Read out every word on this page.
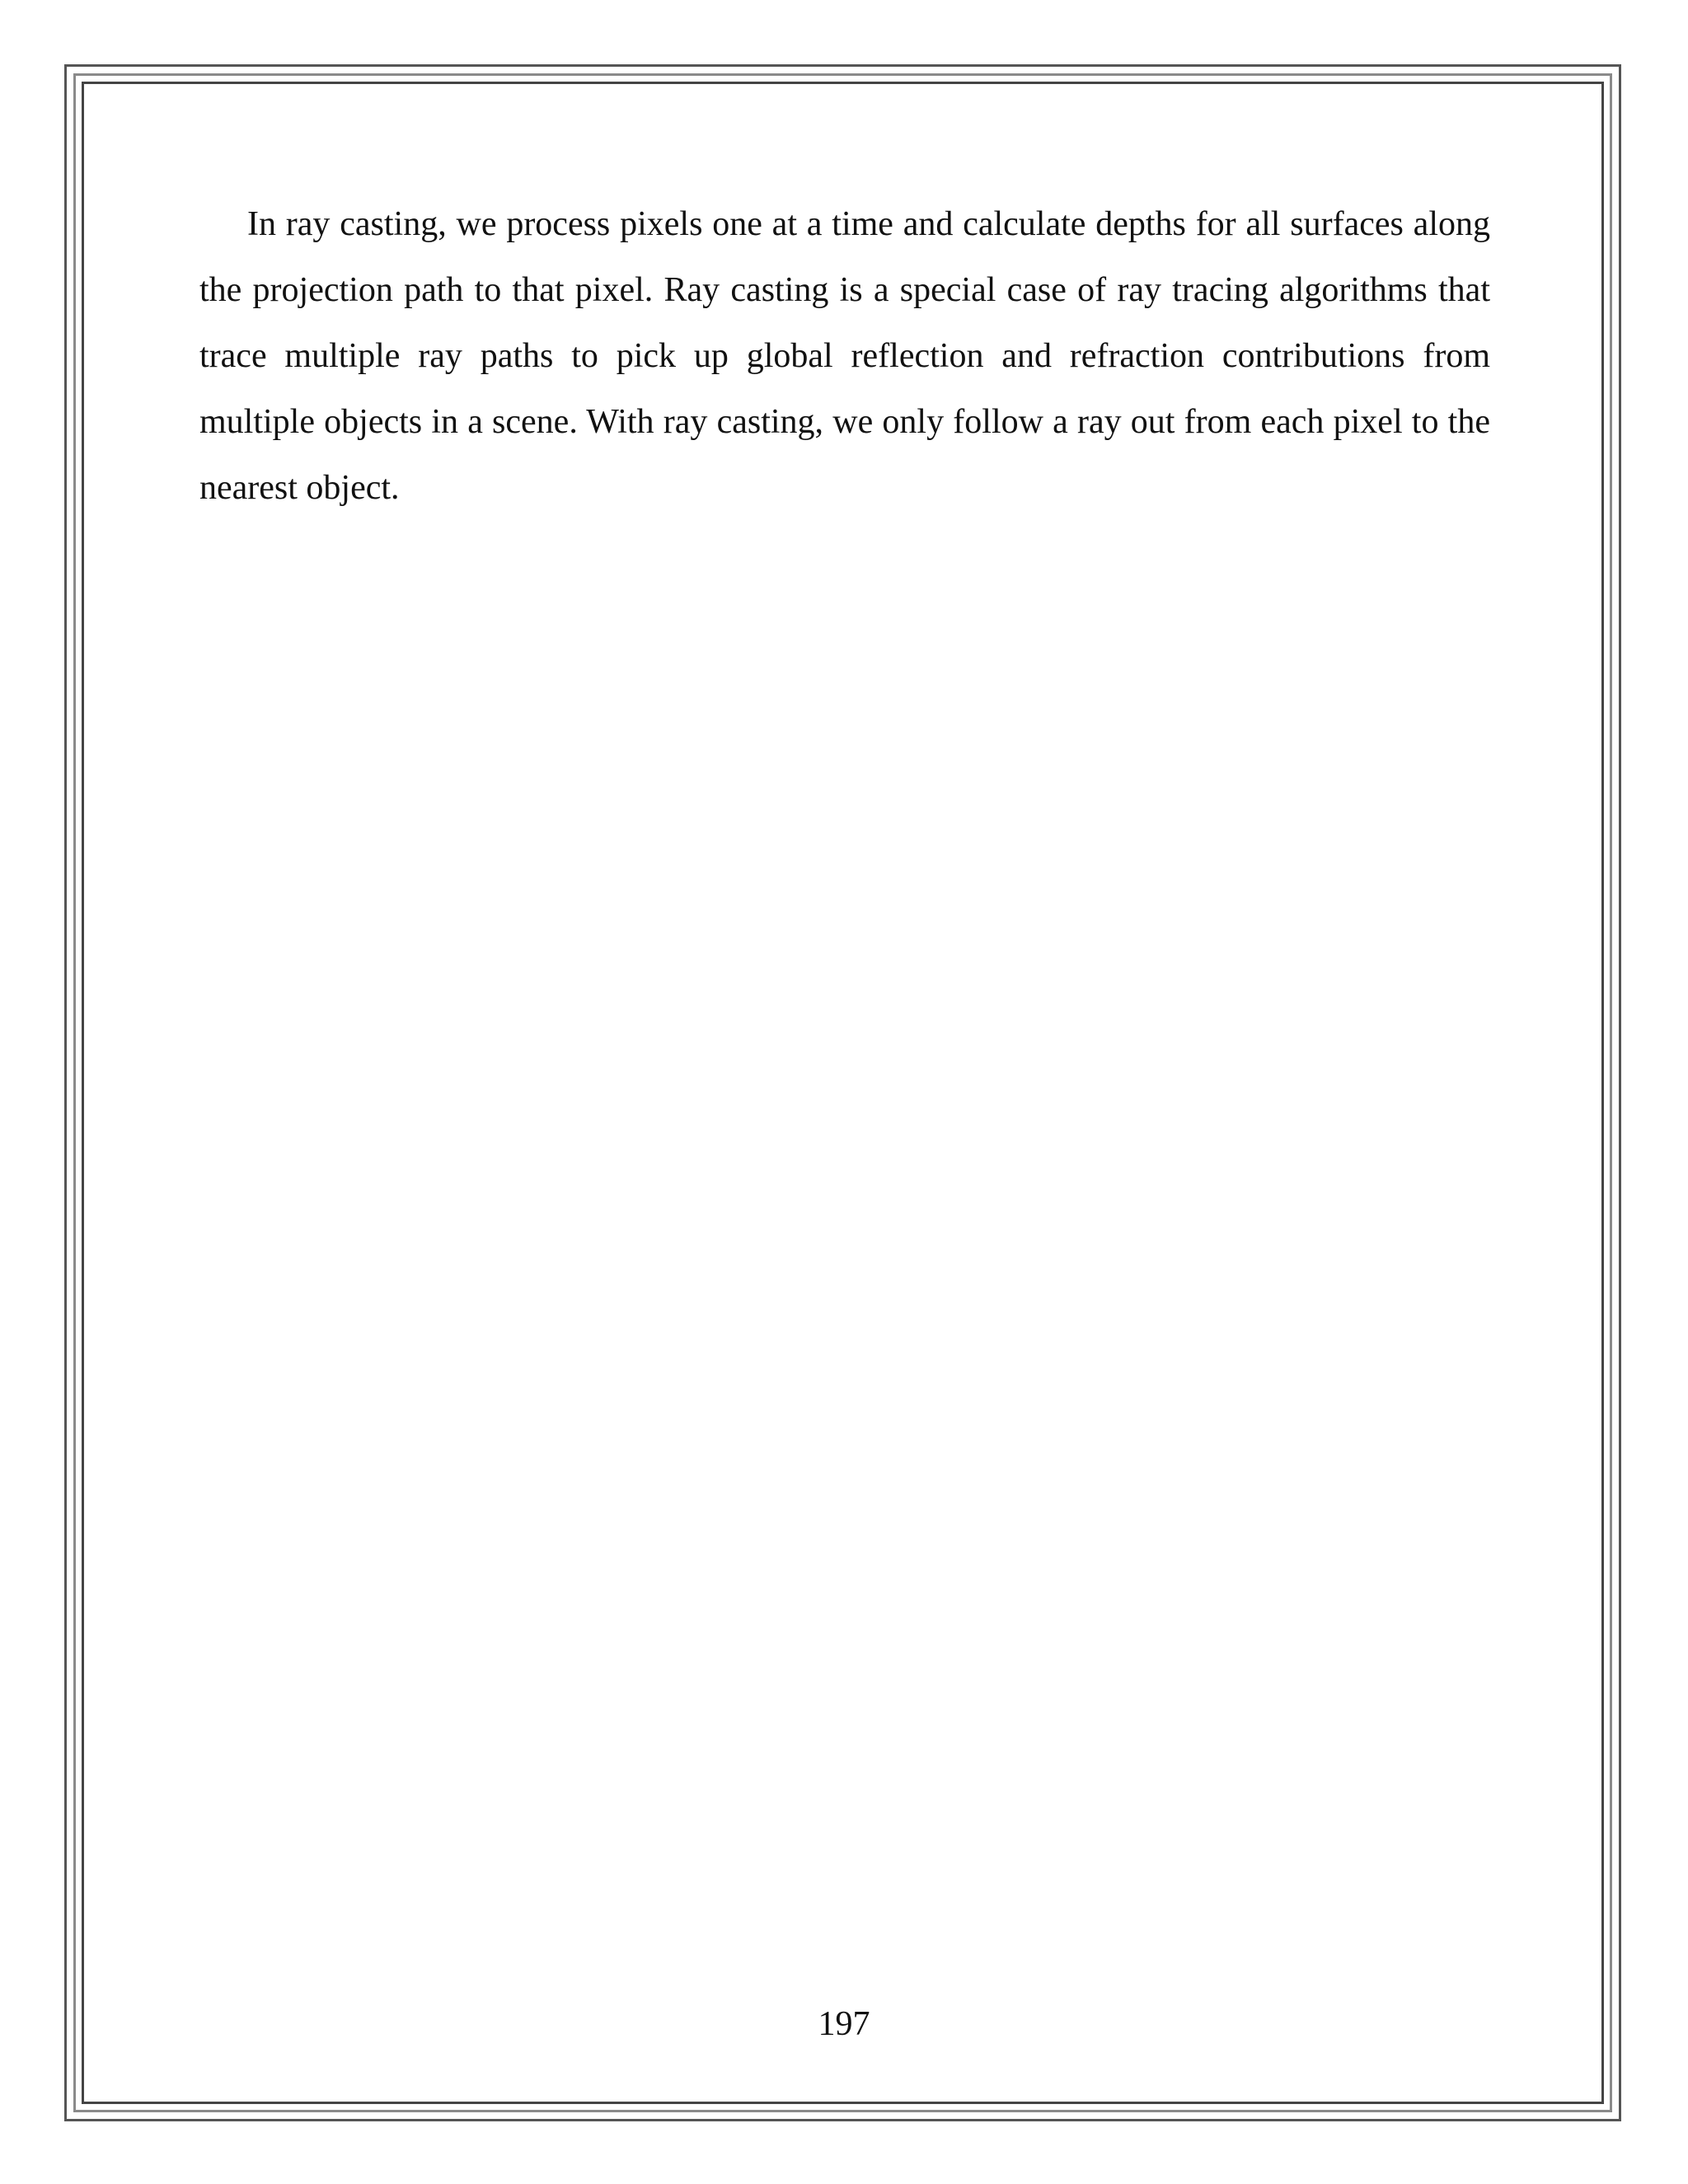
In ray casting, we process pixels one at a time and calculate depths for all surfaces along the projection path to that pixel. Ray casting is a special case of ray tracing algorithms that trace multiple ray paths to pick up global reflection and refraction contributions from multiple objects in a scene. With ray casting, we only follow a ray out from each pixel to the nearest object.

197
